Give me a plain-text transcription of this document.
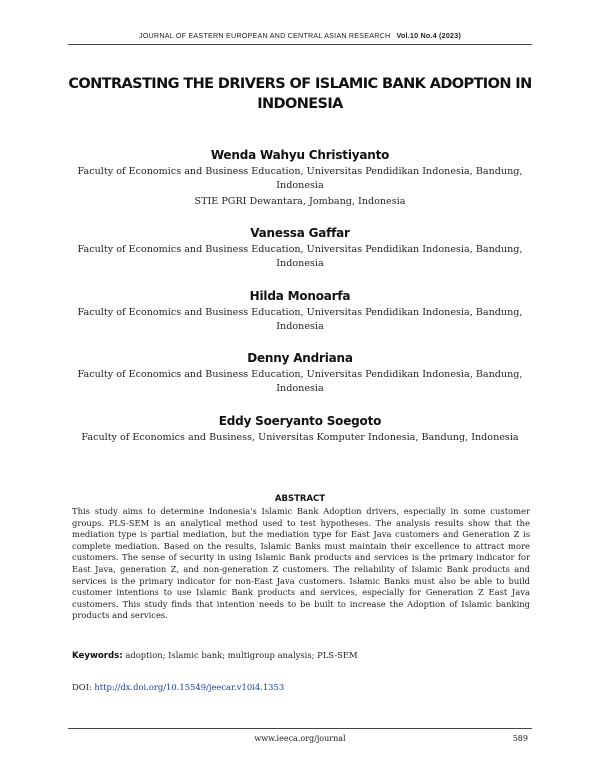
JOURNAL OF EASTERN EUROPEAN AND CENTRAL ASIAN RESEARCH Vol.10 No.4 (2023)
CONTRASTING THE DRIVERS OF ISLAMIC BANK ADOPTION IN INDONESIA
Wenda Wahyu Christiyanto
Faculty of Economics and Business Education, Universitas Pendidikan Indonesia, Bandung, Indonesia
STIE PGRI Dewantara, Jombang, Indonesia
Vanessa Gaffar
Faculty of Economics and Business Education, Universitas Pendidikan Indonesia, Bandung, Indonesia
Hilda Monoarfa
Faculty of Economics and Business Education, Universitas Pendidikan Indonesia, Bandung, Indonesia
Denny Andriana
Faculty of Economics and Business Education, Universitas Pendidikan Indonesia, Bandung, Indonesia
Eddy Soeryanto Soegoto
Faculty of Economics and Business, Universitas Komputer Indonesia, Bandung, Indonesia
ABSTRACT
This study aims to determine Indonesia's Islamic Bank Adoption drivers, especially in some customer groups. PLS-SEM is an analytical method used to test hypotheses. The analysis results show that the mediation type is partial mediation, but the mediation type for East Java customers and Generation Z is complete mediation. Based on the results, Islamic Banks must maintain their excellence to attract more customers. The sense of security in using Islamic Bank products and services is the primary indicator for East Java, generation Z, and non-generation Z customers. The reliability of Islamic Bank products and services is the primary indicator for non-East Java customers. Islamic Banks must also be able to build customer intentions to use Islamic Bank products and services, especially for Generation Z East Java customers. This study finds that intention needs to be built to increase the Adoption of Islamic banking products and services.
Keywords: adoption; Islamic bank; multigroup analysis; PLS-SEM
DOI: http://dx.doi.org/10.15549/jeecar.v10i4.1353
www.ieeca.org/journal	589
